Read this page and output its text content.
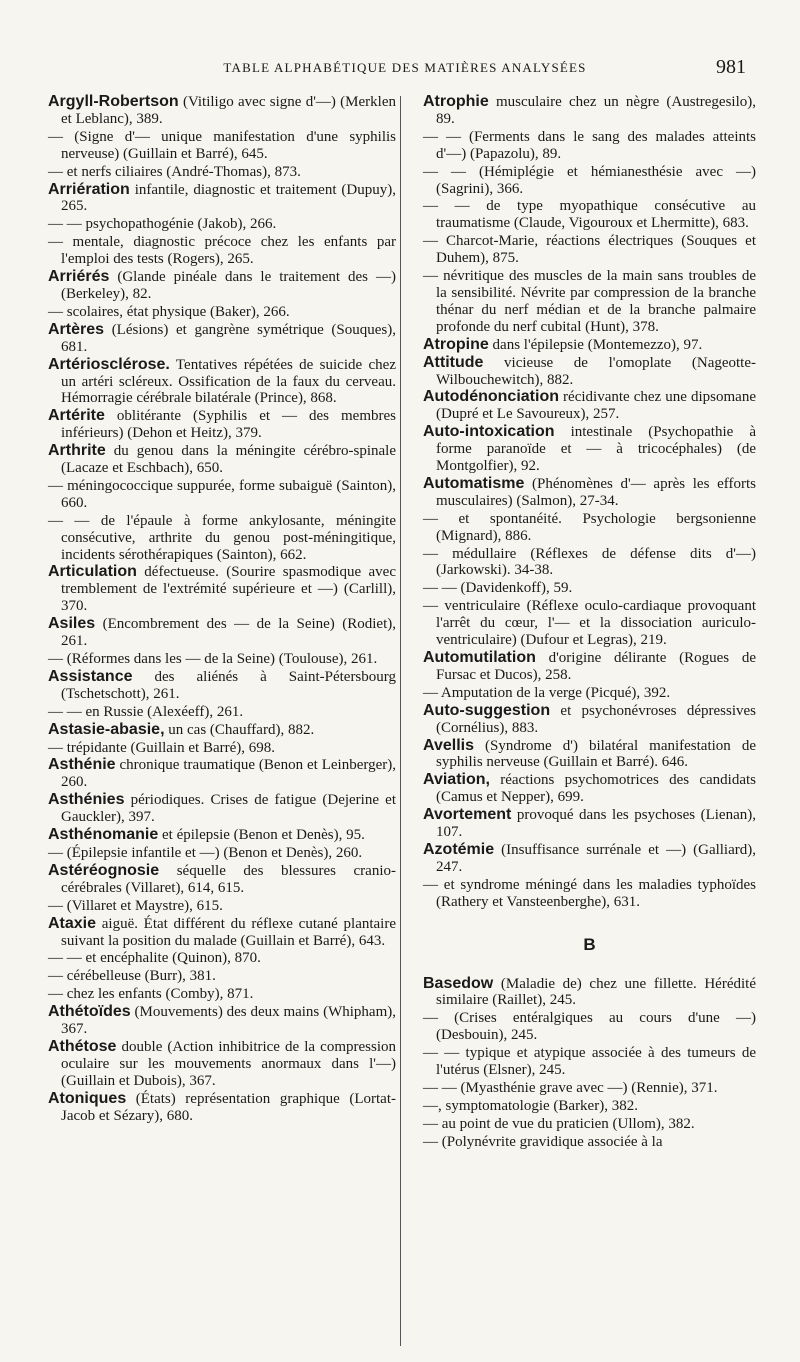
TABLE ALPHABÉTIQUE DES MATIÈRES ANALYSÉES	981
Argyll-Robertson (Vitiligo avec signe d'—) (Merklen et Leblanc), 389.
— (Signe d'— unique manifestation d'une syphilis nerveuse) (Guillain et Barré), 645.
— et nerfs ciliaires (André-Thomas), 873.
Arriération infantile, diagnostic et traitement (Dupuy), 265.
— — psychopathogénie (Jakob), 266.
— mentale, diagnostic précoce chez les enfants par l'emploi des tests (Rogers), 265.
Arriérés (Glande pinéale dans le traitement des —) (Berkeley), 82.
— scolaires, état physique (Baker), 266.
Artères (Lésions) et gangrène symétrique (Souques), 681.
Artériosclérose. Tentatives répétées de suicide chez un artéri scléreux. Ossification de la faux du cerveau. Hémorragie cérébrale bilatérale (Prince), 868.
Artérite oblitérante (Syphilis et — des membres inférieurs) (Dehon et Heitz), 379.
Arthrite du genou dans la méningite cérébro-spinale (Lacaze et Eschbach), 650.
— méningococcique suppurée, forme subaiguë (Sainton), 660.
— — de l'épaule à forme ankylosante, méningite consécutive, arthrite du genou post-méningitique, incidents sérothérapiques (Sainton), 662.
Articulation défectueuse. (Sourire spasmodique avec tremblement de l'extrémité supérieure et —) (Carlill), 370.
Asiles (Encombrement des — de la Seine) (Rodiet), 261.
— (Réformes dans les — de la Seine) (Toulouse), 261.
Assistance des aliénés à Saint-Pétersbourg (Tschetschott), 261.
— — en Russie (Alexéeff), 261.
Astasie-abasie, un cas (Chauffard), 882.
— trépidante (Guillain et Barré), 698.
Asthénie chronique traumatique (Benon et Leinberger), 260.
Asthénies périodiques. Crises de fatigue (Dejerine et Gauckler), 397.
Asthénomanie et épilepsie (Benon et Denès), 95.
— (Épilepsie infantile et —) (Benon et Denès), 260.
Astéréognosie séquelle des blessures cranio-cérébrales (Villaret), 614, 615.
— (Villaret et Maystre), 615.
Ataxie aiguë. État différent du réflexe cutané plantaire suivant la position du malade (Guillain et Barré), 643.
— — et encéphalite (Quinon), 870.
— cérébelleuse (Burr), 381.
— chez les enfants (Comby), 871.
Athétoïdes (Mouvements) des deux mains (Whipham), 367.
Athétose double (Action inhibitrice de la compression oculaire sur les mouvements anormaux dans l'—) (Guillain et Dubois), 367.
Atoniques (États) représentation graphique (Lortat-Jacob et Sézary), 680.
Atrophie musculaire chez un nègre (Austregesilo), 89.
— — (Ferments dans le sang des malades atteints d'—) (Papazolu), 89.
— — (Hémiplégie et hémianesthésie avec —) (Sagrini), 366.
— — de type myopathique consécutive au traumatisme (Claude, Vigouroux et Lhermitte), 683.
— Charcot-Marie, réactions électriques (Souques et Duhem), 875.
— névritique des muscles de la main sans troubles de la sensibilité. Névrite par compression de la branche thénar du nerf médian et de la branche palmaire profonde du nerf cubital (Hunt), 378.
Atropine dans l'épilepsie (Montemezzo), 97.
Attitude vicieuse de l'omoplate (Nageotte-Wilbouchewitch), 882.
Autodénonciation récidivante chez une dipsomane (Dupré et Le Savoureux), 257.
Auto-intoxication intestinale (Psychopathie à forme paranoïde et — à tricocéphales) (de Montgolfier), 92.
Automatisme (Phénomènes d'— après les efforts musculaires) (Salmon), 27-34.
— et spontanéité. Psychologie bergsonienne (Mignard), 886.
— médullaire (Réflexes de défense dits d'—) (Jarkowski). 34-38.
— — (Davidenkoff), 59.
— ventriculaire (Réflexe oculo-cardiaque provoquant l'arrêt du cœur, l'— et la dissociation auriculo-ventriculaire) (Dufour et Legras), 219.
Automutilation d'origine délirante (Rogues de Fursac et Ducos), 258.
— Amputation de la verge (Picqué), 392.
Auto-suggestion et psychonévroses dépressives (Cornélius), 883.
Avellis (Syndrome d') bilatéral manifestation de syphilis nerveuse (Guillain et Barré). 646.
Aviation, réactions psychomotrices des candidats (Camus et Nepper), 699.
Avortement provoqué dans les psychoses (Lienan), 107.
Azotémie (Insuffisance surrénale et —) (Galliard), 247.
— et syndrome méningé dans les maladies typhoïdes (Rathery et Vansteenberghe), 631.
B
Basedow (Maladie de) chez une fillette. Hérédité similaire (Raillet), 245.
— (Crises entéralgiques au cours d'une —) (Desbouin), 245.
— — typique et atypique associée à des tumeurs de l'utérus (Elsner), 245.
— — (Myasthénie grave avec —) (Rennie), 371.
—, symptomatologie (Barker), 382.
— au point de vue du praticien (Ullom), 382.
— (Polynévrite gravidique associée à la
